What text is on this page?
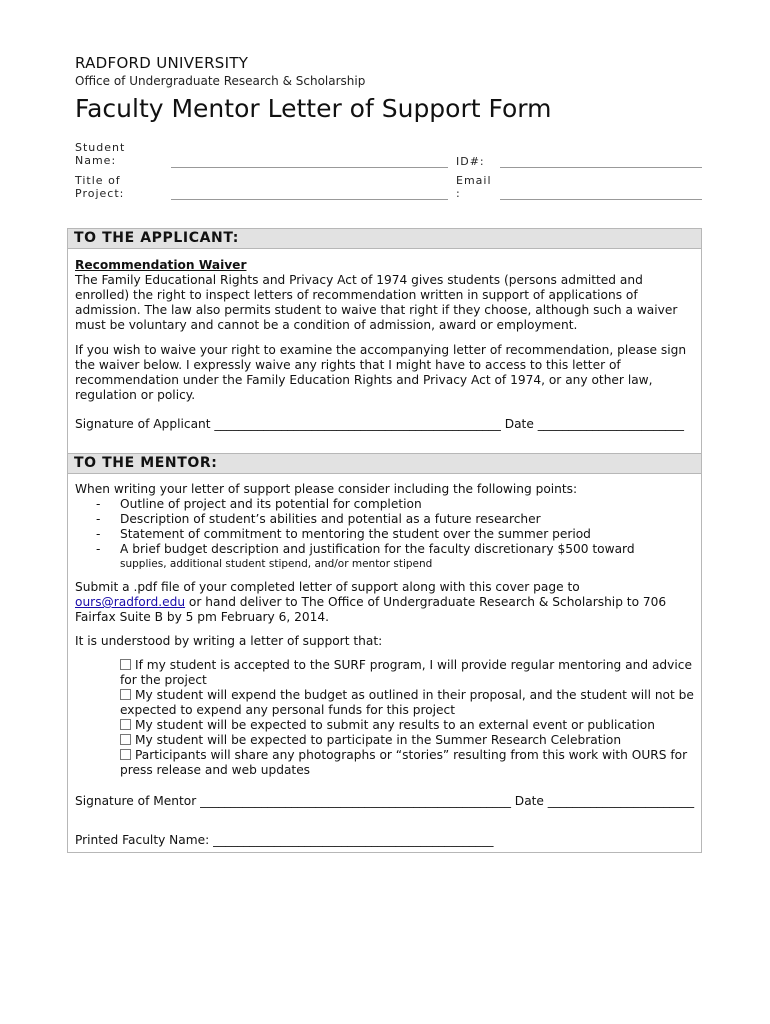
RADFORD UNIVERSITY
Office of Undergraduate Research & Scholarship
Faculty Mentor Letter of Support Form
Student Name:	ID#:
Title of Project:
Email :
TO THE APPLICANT:
Recommendation Waiver
The Family Educational Rights and Privacy Act of 1974 gives students (persons admitted and enrolled) the right to inspect letters of recommendation written in support of applications of admission. The law also permits student to waive that right if they choose, although such a waiver must be voluntary and cannot be a condition of admission, award or employment.
If you wish to waive your right to examine the accompanying letter of recommendation, please sign the waiver below. I expressly waive any rights that I might have to access to this letter of recommendation under the Family Education Rights and Privacy Act of 1974, or any other law, regulation or policy.
Signature of Applicant _______________________________________________ Date ________________________
TO THE MENTOR:
When writing your letter of support please consider including the following points:
- Outline of project and its potential for completion
- Description of student’s abilities and potential as a future researcher
- Statement of commitment to mentoring the student over the summer period
- A brief budget description and justification for the faculty discretionary $500 toward
supplies, additional student stipend, and/or mentor stipend
Submit a .pdf file of your completed letter of support along with this cover page to
ours@radford.edu or hand deliver to The Office of Undergraduate Research & Scholarship to 706 Fairfax Suite B by 5 pm February 6, 2014.
It is understood by writing a letter of support that:
If my student is accepted to the SURF program, I will provide regular mentoring and advice for the project
My student will expend the budget as outlined in their proposal, and the student will not be expected to expend any personal funds for this project
My student will be expected to submit any results to an external event or publication
My student will be expected to participate in the Summer Research Celebration
Participants will share any photographs or “stories” resulting from this work with OURS for press release and web updates
Signature of Mentor ___________________________________________________ Date ________________________
Printed Faculty Name: ______________________________________________
